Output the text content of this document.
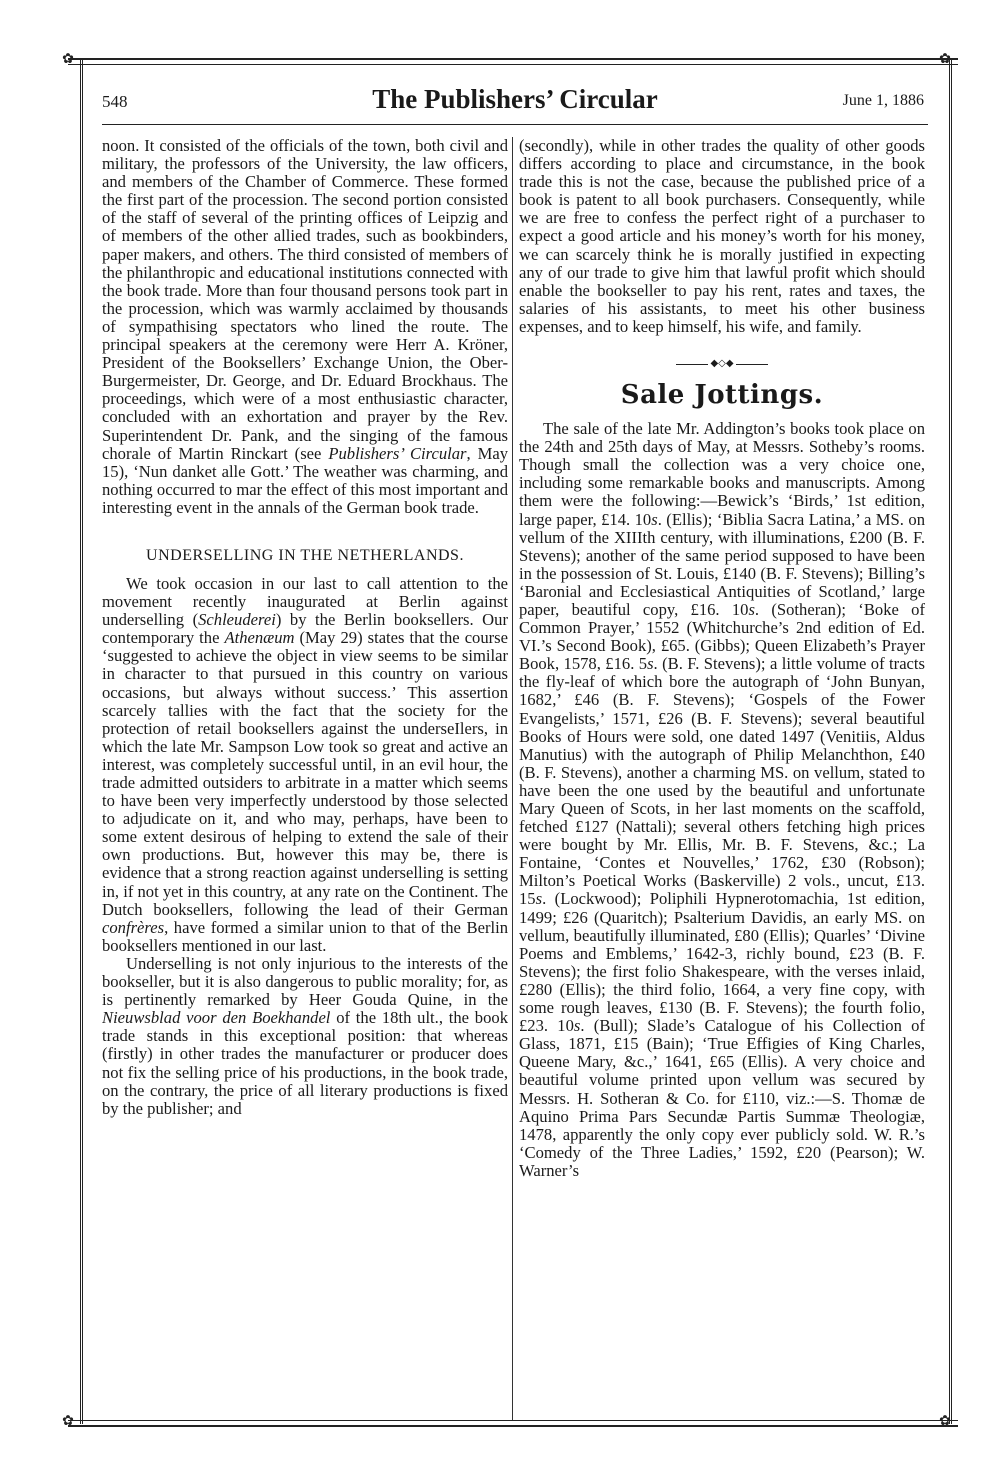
✿	✿
✿	✿
548	The Publishers’ Circular	June 1, 1886

noon. It consisted of the officials of the town, both civil and military, the professors of the University, the law officers, and members of the Chamber of Commerce. These formed the first part of the procession. The second portion consisted of the staff of several of the printing offices of Leipzig and of members of the other allied trades, such as bookbinders, paper makers, and others. The third consisted of members of the philanthropic and educational institutions connected with the book trade. More than four thousand persons took part in the procession, which was warmly acclaimed by thousands of sympathising spectators who lined the route. The principal speakers at the ceremony were Herr A. Kröner, President of the Booksellers’ Exchange Union, the Ober-Burgermeister, Dr. George, and Dr. Eduard Brockhaus. The proceedings, which were of a most enthusiastic character, concluded with an exhortation and prayer by the Rev. Superintendent Dr. Pank, and the singing of the famous chorale of Martin Rinckart (see Publishers’ Circular, May 15), ‘Nun danket alle Gott.’ The weather was charming, and nothing occurred to mar the effect of this most important and interesting event in the annals of the German book trade.

UNDERSELLING IN THE NETHERLANDS.

We took occasion in our last to call attention to the movement recently inaugurated at Berlin against underselling (Schleuderei) by the Berlin booksellers. Our contemporary the Athenæum (May 29) states that the course ‘suggested to achieve the object in view seems to be similar in character to that pursued in this country on various occasions, but always without success.’ This assertion scarcely tallies with the fact that the society for the protection of retail booksellers against the underseIlers, in which the late Mr. Sampson Low took so great and active an interest, was completely successful until, in an evil hour, the trade admitted outsiders to arbitrate in a matter which seems to have been very imperfectly understood by those selected to adjudicate on it, and who may, perhaps, have been to some extent desirous of helping to extend the sale of their own productions. But, however this may be, there is evidence that a strong reaction against underselling is setting in, if not yet in this country, at any rate on the Continent. The Dutch booksellers, following the lead of their German confrères, have formed a similar union to that of the Berlin booksellers mentioned in our last.

Underselling is not only injurious to the interests of the bookseller, but it is also dangerous to public morality; for, as is pertinently remarked by Heer Gouda Quine, in the Nieuwsblad voor den Boekhandel of the 18th ult., the book trade stands in this exceptional position: that whereas (firstly) in other trades the manufacturer or producer does not fix the selling price of his productions, in the book trade, on the contrary, the price of all literary productions is fixed by the publisher; and

(secondly), while in other trades the quality of other goods differs according to place and circumstance, in the book trade this is not the case, because the published price of a book is patent to all book purchasers. Consequently, while we are free to confess the perfect right of a purchaser to expect a good article and his money’s worth for his money, we can scarcely think he is morally justified in expecting any of our trade to give him that lawful profit which should enable the bookseller to pay his rent, rates and taxes, the salaries of his assistants, to meet his other business expenses, and to keep himself, his wife, and family.

◆◇◆
Sale Jottings.

The sale of the late Mr. Addington’s books took place on the 24th and 25th days of May, at Messrs. Sotheby’s rooms. Though small the collection was a very choice one, including some remarkable books and manuscripts. Among them were the following:—Bewick’s ‘Birds,’ 1st edition, large paper, £14. 10s. (Ellis); ‘Biblia Sacra Latina,’ a MS. on vellum of the XIIIth century, with illuminations, £200 (B. F. Stevens); another of the same period supposed to have been in the possession of St. Louis, £140 (B. F. Stevens); Billing’s ‘Baronial and Ecclesiastical Antiquities of Scotland,’ large paper, beautiful copy, £16. 10s. (Sotheran); ‘Boke of Common Prayer,’ 1552 (Whitchurche’s 2nd edition of Ed. VI.’s Second Book), £65. (Gibbs); Queen Elizabeth’s Prayer Book, 1578, £16. 5s. (B. F. Stevens); a little volume of tracts the fly-leaf of which bore the autograph of ‘John Bunyan, 1682,’ £46 (B. F. Stevens); ‘Gospels of the Fower Evangelists,’ 1571, £26 (B. F. Stevens); several beautiful Books of Hours were sold, one dated 1497 (Venitiis, Aldus Manutius) with the autograph of Philip Melanchthon, £40 (B. F. Stevens), another a charming MS. on vellum, stated to have been the one used by the beautiful and unfortunate Mary Queen of Scots, in her last moments on the scaffold, fetched £127 (Nattali); several others fetching high prices were bought by Mr. Ellis, Mr. B. F. Stevens, &c.; La Fontaine, ‘Contes et Nouvelles,’ 1762, £30 (Robson); Milton’s Poetical Works (Baskerville) 2 vols., uncut, £13. 15s. (Lockwood); Poliphili Hypnerotomachia, 1st edition, 1499; £26 (Quaritch); Psalterium Davidis, an early MS. on vellum, beautifully illuminated, £80 (Ellis); Quarles’ ‘Divine Poems and Emblems,’ 1642-3, richly bound, £23 (B. F. Stevens); the first folio Shakespeare, with the verses inlaid, £280 (Ellis); the third folio, 1664, a very fine copy, with some rough leaves, £130 (B. F. Stevens); the fourth folio, £23. 10s. (Bull); Slade’s Catalogue of his Collection of Glass, 1871, £15 (Bain); ‘True Effigies of King Charles, Queene Mary, &c.,’ 1641, £65 (Ellis). A very choice and beautiful volume printed upon vellum was secured by Messrs. H. Sotheran & Co. for £110, viz.:—S. Thomæ de Aquino Prima Pars Secundæ Partis Summæ Theologiæ, 1478, apparently the only copy ever publicly sold. W. R.’s ‘Comedy of the Three Ladies,’ 1592, £20 (Pearson); W. Warner’s
